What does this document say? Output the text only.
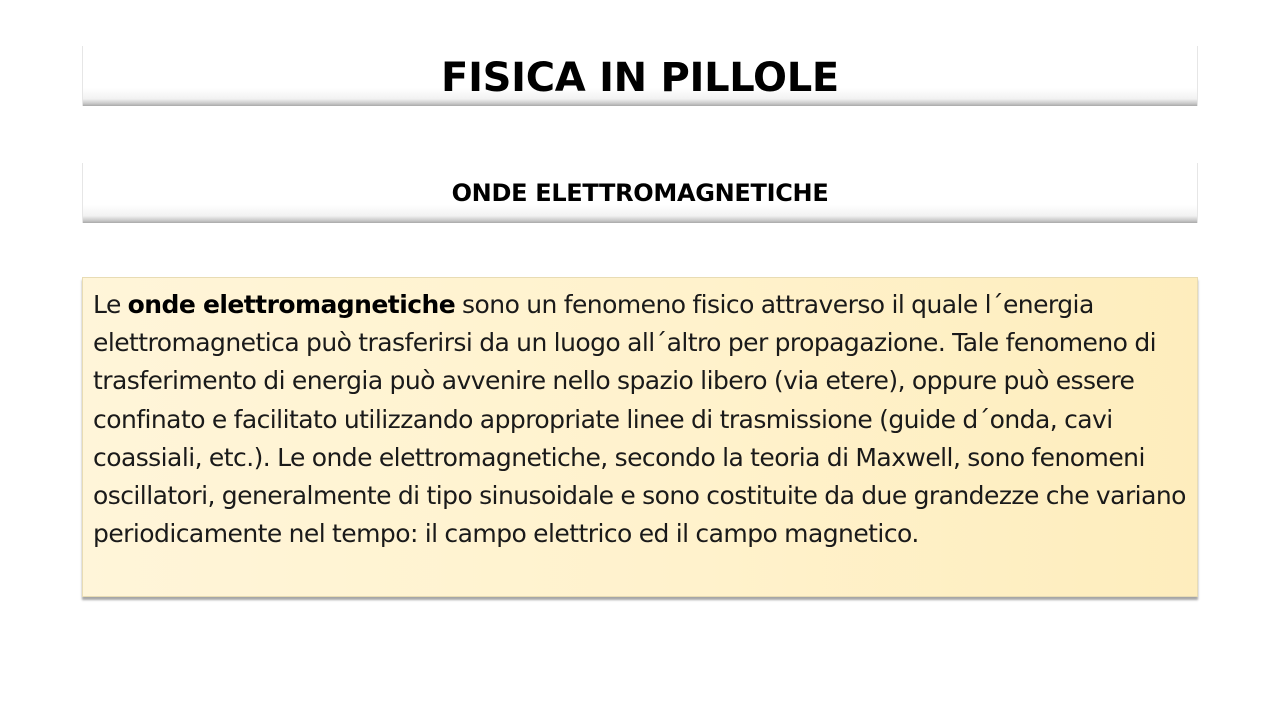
FISICA IN PILLOLE
ONDE ELETTROMAGNETICHE
Le onde elettromagnetiche sono un fenomeno fisico attraverso il quale l´energia elettromagnetica può trasferirsi da un luogo all´altro per propagazione. Tale fenomeno di trasferimento di energia può avvenire nello spazio libero (via etere), oppure può essere confinato e facilitato utilizzando appropriate linee di trasmissione (guide d´onda, cavi coassiali, etc.). Le onde elettromagnetiche, secondo la teoria di Maxwell, sono fenomeni oscillatori, generalmente di tipo sinusoidale e sono costituite da due grandezze che variano periodicamente nel tempo: il campo elettrico ed il campo magnetico.
